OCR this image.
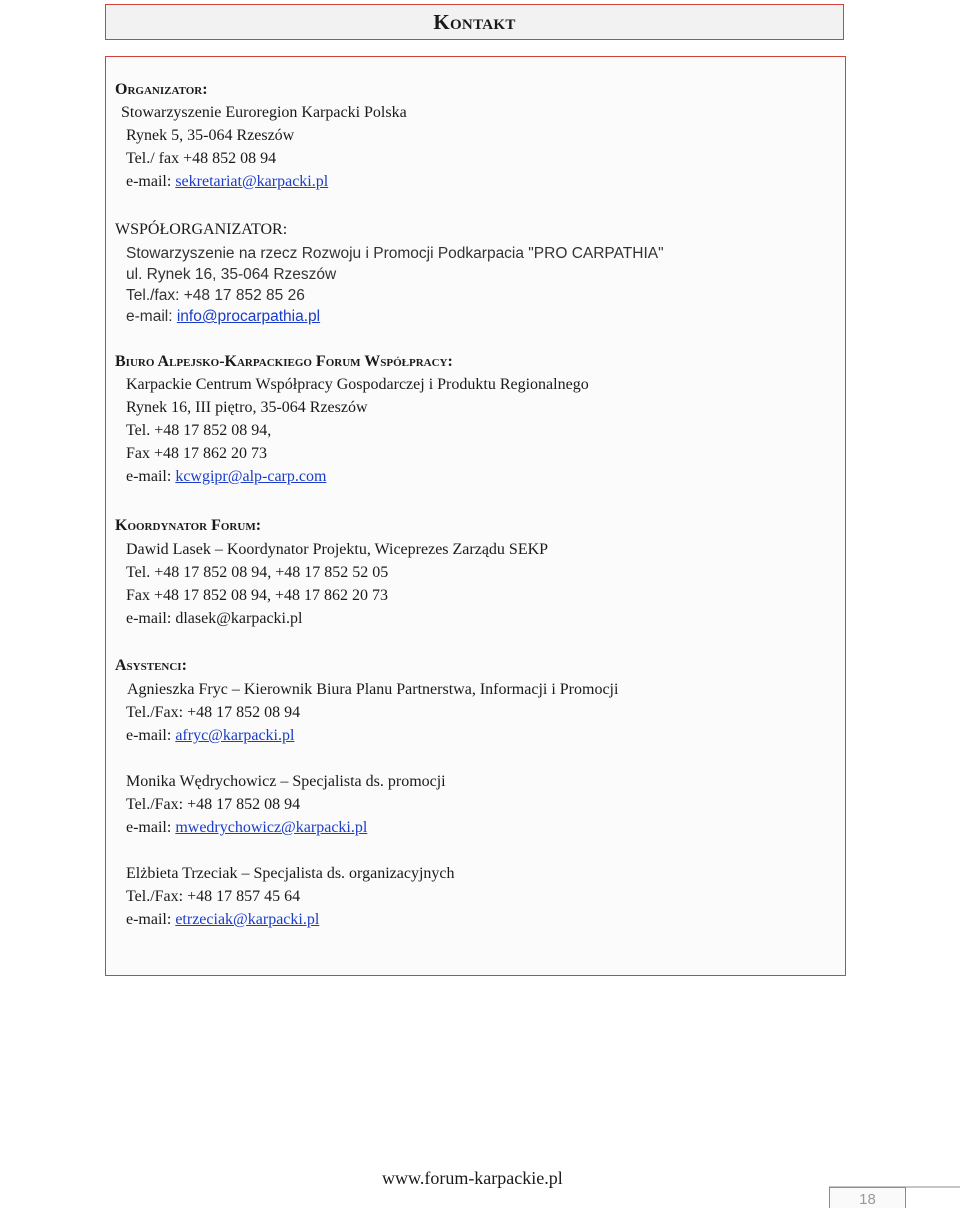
Kontakt

Organizator:

Stowarzyszenie Euroregion Karpacki Polska

Rynek 5, 35-064 Rzeszów

Tel./ fax +48 852 08 94

e-mail: sekretariat@karpacki.pl

WSPÓŁORGANIZATOR:

Stowarzyszenie na rzecz Rozwoju i Promocji Podkarpacia "PRO CARPATHIA"

ul. Rynek 16, 35-064 Rzeszów

Tel./fax: +48 17 852 85 26

e-mail: info@procarpathia.pl

Biuro Alpejsko-Karpackiego Forum Współpracy:

Karpackie Centrum Współpracy Gospodarczej i Produktu Regionalnego

Rynek 16, III piętro, 35-064 Rzeszów

Tel. +48 17 852 08 94,

Fax +48 17 862 20 73

e-mail: kcwgipr@alp-carp.com

Koordynator Forum:

Dawid Lasek – Koordynator Projektu, Wiceprezes Zarządu SEKP

Tel. +48 17 852 08 94, +48 17 852 52 05

Fax +48 17 852 08 94, +48 17 862 20 73

e-mail: dlasek@karpacki.pl

Asystenci:

Agnieszka Fryc – Kierownik Biura Planu Partnerstwa, Informacji i Promocji

Tel./Fax: +48 17 852 08 94

e-mail: afryc@karpacki.pl

Monika Wędrychowicz – Specjalista ds. promocji

Tel./Fax: +48 17 852 08 94

e-mail: mwedrychowicz@karpacki.pl

Elżbieta Trzeciak – Specjalista ds. organizacyjnych

Tel./Fax: +48 17 857 45 64

e-mail: etrzeciak@karpacki.pl

www.forum-karpackie.pl
18
